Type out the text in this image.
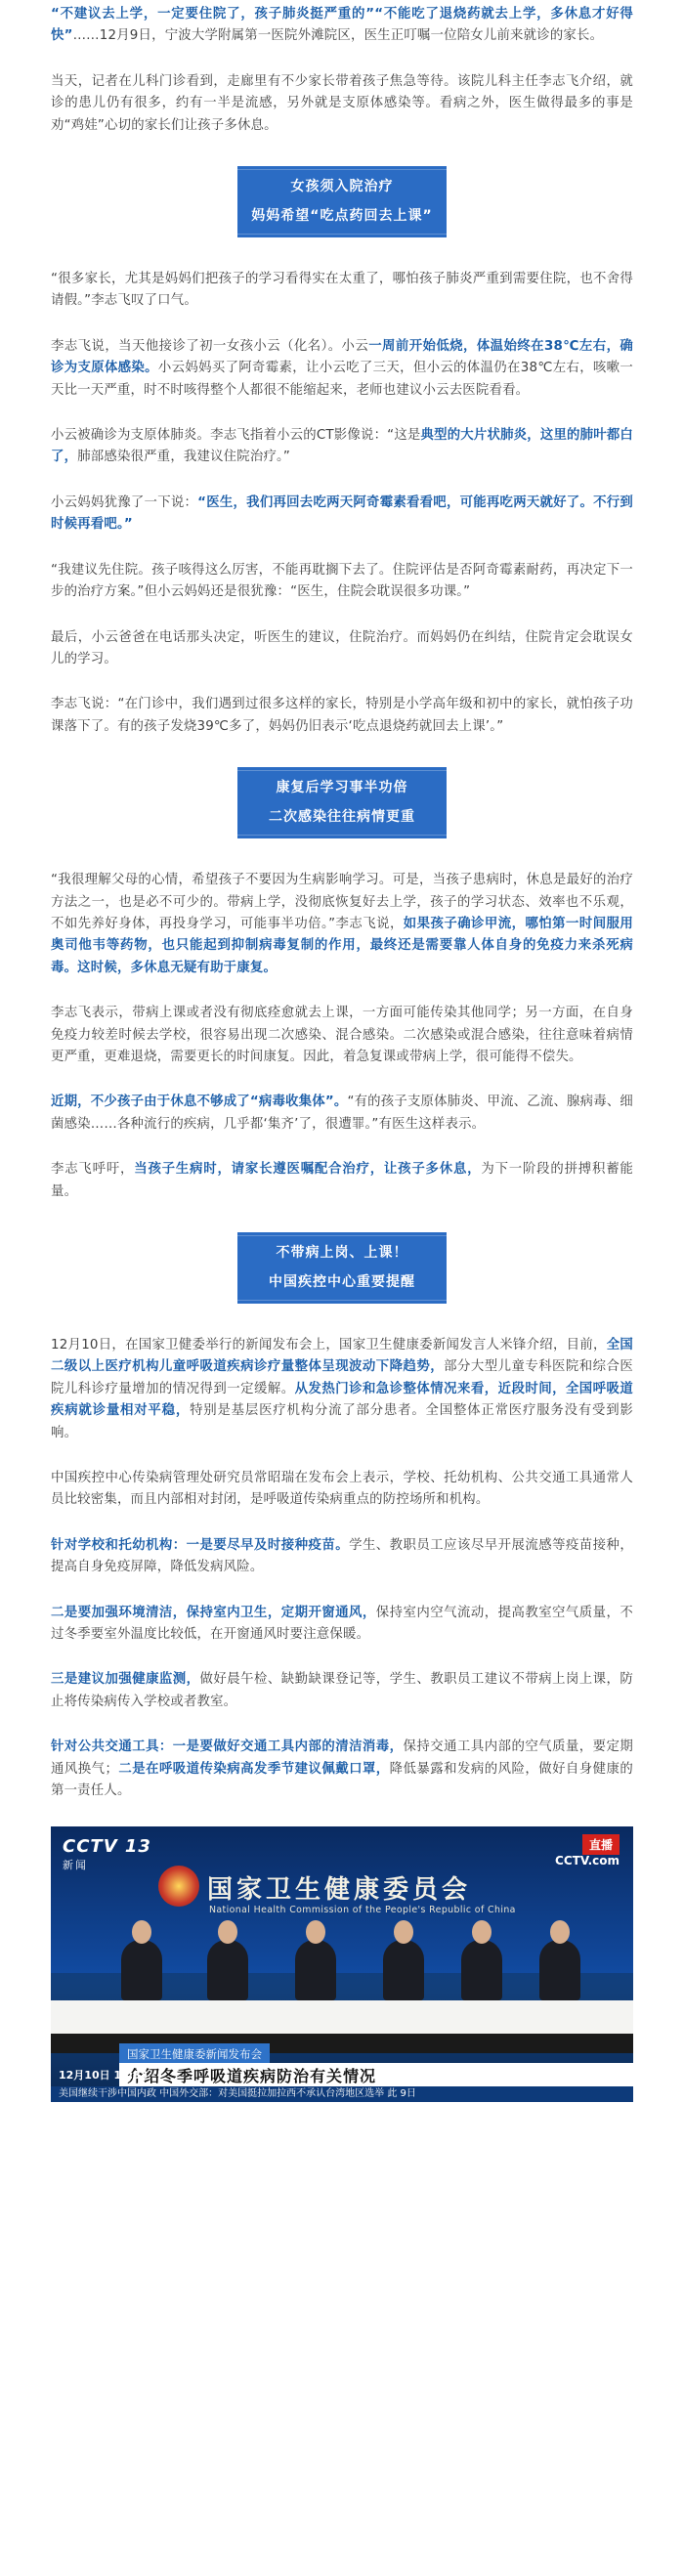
“不建议去上学，一定要住院了，孩子肺炎挺严重的”“不能吃了退烧药就去上学，多休息才好得快”……12月9日，宁波大学附属第一医院外滩院区，医生正叮嘱一位陪女儿前来就诊的家长。

当天，记者在儿科门诊看到，走廊里有不少家长带着孩子焦急等待。该院儿科主任李志飞介绍，就诊的患儿仍有很多，约有一半是流感，另外就是支原体感染等。看病之外，医生做得最多的事是劝“鸡娃”心切的家长们让孩子多休息。

女孩须入院治疗
妈妈希望“吃点药回去上课”

“很多家长，尤其是妈妈们把孩子的学习看得实在太重了，哪怕孩子肺炎严重到需要住院，也不舍得请假。”李志飞叹了口气。

李志飞说，当天他接诊了初一女孩小云（化名）。小云一周前开始低烧，体温始终在38℃左右，确诊为支原体感染。小云妈妈买了阿奇霉素，让小云吃了三天，但小云的体温仍在38℃左右，咳嗽一天比一天严重，时不时咳得整个人都很不能缩起来，老师也建议小云去医院看看。

小云被确诊为支原体肺炎。李志飞指着小云的CT影像说：“这是典型的大片状肺炎，这里的肺叶都白了，肺部感染很严重，我建议住院治疗。”

小云妈妈犹豫了一下说：“医生，我们再回去吃两天阿奇霉素看看吧，可能再吃两天就好了。不行到时候再看吧。”

“我建议先住院。孩子咳得这么厉害，不能再耽搁下去了。住院评估是否阿奇霉素耐药，再决定下一步的治疗方案。”但小云妈妈还是很犹豫：“医生，住院会耽误很多功课。”

最后，小云爸爸在电话那头决定，听医生的建议，住院治疗。而妈妈仍在纠结，住院肯定会耽误女儿的学习。

李志飞说：“在门诊中，我们遇到过很多这样的家长，特别是小学高年级和初中的家长，就怕孩子功课落下了。有的孩子发烧39℃多了，妈妈仍旧表示‘吃点退烧药就回去上课’。”

康复后学习事半功倍
二次感染往往病情更重

“我很理解父母的心情，希望孩子不要因为生病影响学习。可是，当孩子患病时，休息是最好的治疗方法之一，也是必不可少的。带病上学，没彻底恢复好去上学，孩子的学习状态、效率也不乐观，不如先养好身体，再投身学习，可能事半功倍。”李志飞说，如果孩子确诊甲流，哪怕第一时间服用奥司他韦等药物，也只能起到抑制病毒复制的作用，最终还是需要靠人体自身的免疫力来杀死病毒。这时候，多休息无疑有助于康复。

李志飞表示，带病上课或者没有彻底痊愈就去上课，一方面可能传染其他同学；另一方面，在自身免疫力较差时候去学校，很容易出现二次感染、混合感染。二次感染或混合感染，往往意味着病情更严重，更难退烧，需要更长的时间康复。因此，着急复课或带病上学，很可能得不偿失。

近期，不少孩子由于休息不够成了“病毒收集体”。“有的孩子支原体肺炎、甲流、乙流、腺病毒、细菌感染……各种流行的疾病，几乎都‘集齐’了，很遭罪。”有医生这样表示。

李志飞呼吁，当孩子生病时，请家长遵医嘱配合治疗，让孩子多休息，为下一阶段的拼搏积蓄能量。

不带病上岗、上课！
中国疾控中心重要提醒

12月10日，在国家卫健委举行的新闻发布会上，国家卫生健康委新闻发言人米锋介绍，目前，全国二级以上医疗机构儿童呼吸道疾病诊疗量整体呈现波动下降趋势，部分大型儿童专科医院和综合医院儿科诊疗量增加的情况得到一定缓解。从发热门诊和急诊整体情况来看，近段时间，全国呼吸道疾病就诊量相对平稳，特别是基层医疗机构分流了部分患者。全国整体正常医疗服务没有受到影响。

中国疾控中心传染病管理处研究员常昭瑞在发布会上表示，学校、托幼机构、公共交通工具通常人员比较密集，而且内部相对封闭，是呼吸道传染病重点的防控场所和机构。

针对学校和托幼机构：一是要尽早及时接种疫苗。学生、教职员工应该尽早开展流感等疫苗接种，提高自身免疫屏障，降低发病风险。

二是要加强环境清洁，保持室内卫生，定期开窗通风，保持室内空气流动，提高教室空气质量，不过冬季要室外温度比较低，在开窗通风时要注意保暖。

三是建议加强健康监测，做好晨午检、缺勤缺课登记等，学生、教职员工建议不带病上岗上课，防止将传染病传入学校或者教室。

针对公共交通工具：一是要做好交通工具内部的清洁消毒，保持交通工具内部的空气质量，要定期通风换气；二是在呼吸道传染病高发季节建议佩戴口罩，降低暴露和发病的风险，做好自身健康的第一责任人。

CCTV 13
新闻
直播
CCTV.com
国家卫生健康委员会
National Health Commission of the People's Republic of China
国家卫生健康委新闻发布会
介绍冬季呼吸道疾病防治有关情况
12月10日 15:33
美国继续干涉中国内政 中国外交部：对美国挺拉加拉西不承认台湾地区选举 此 9日
